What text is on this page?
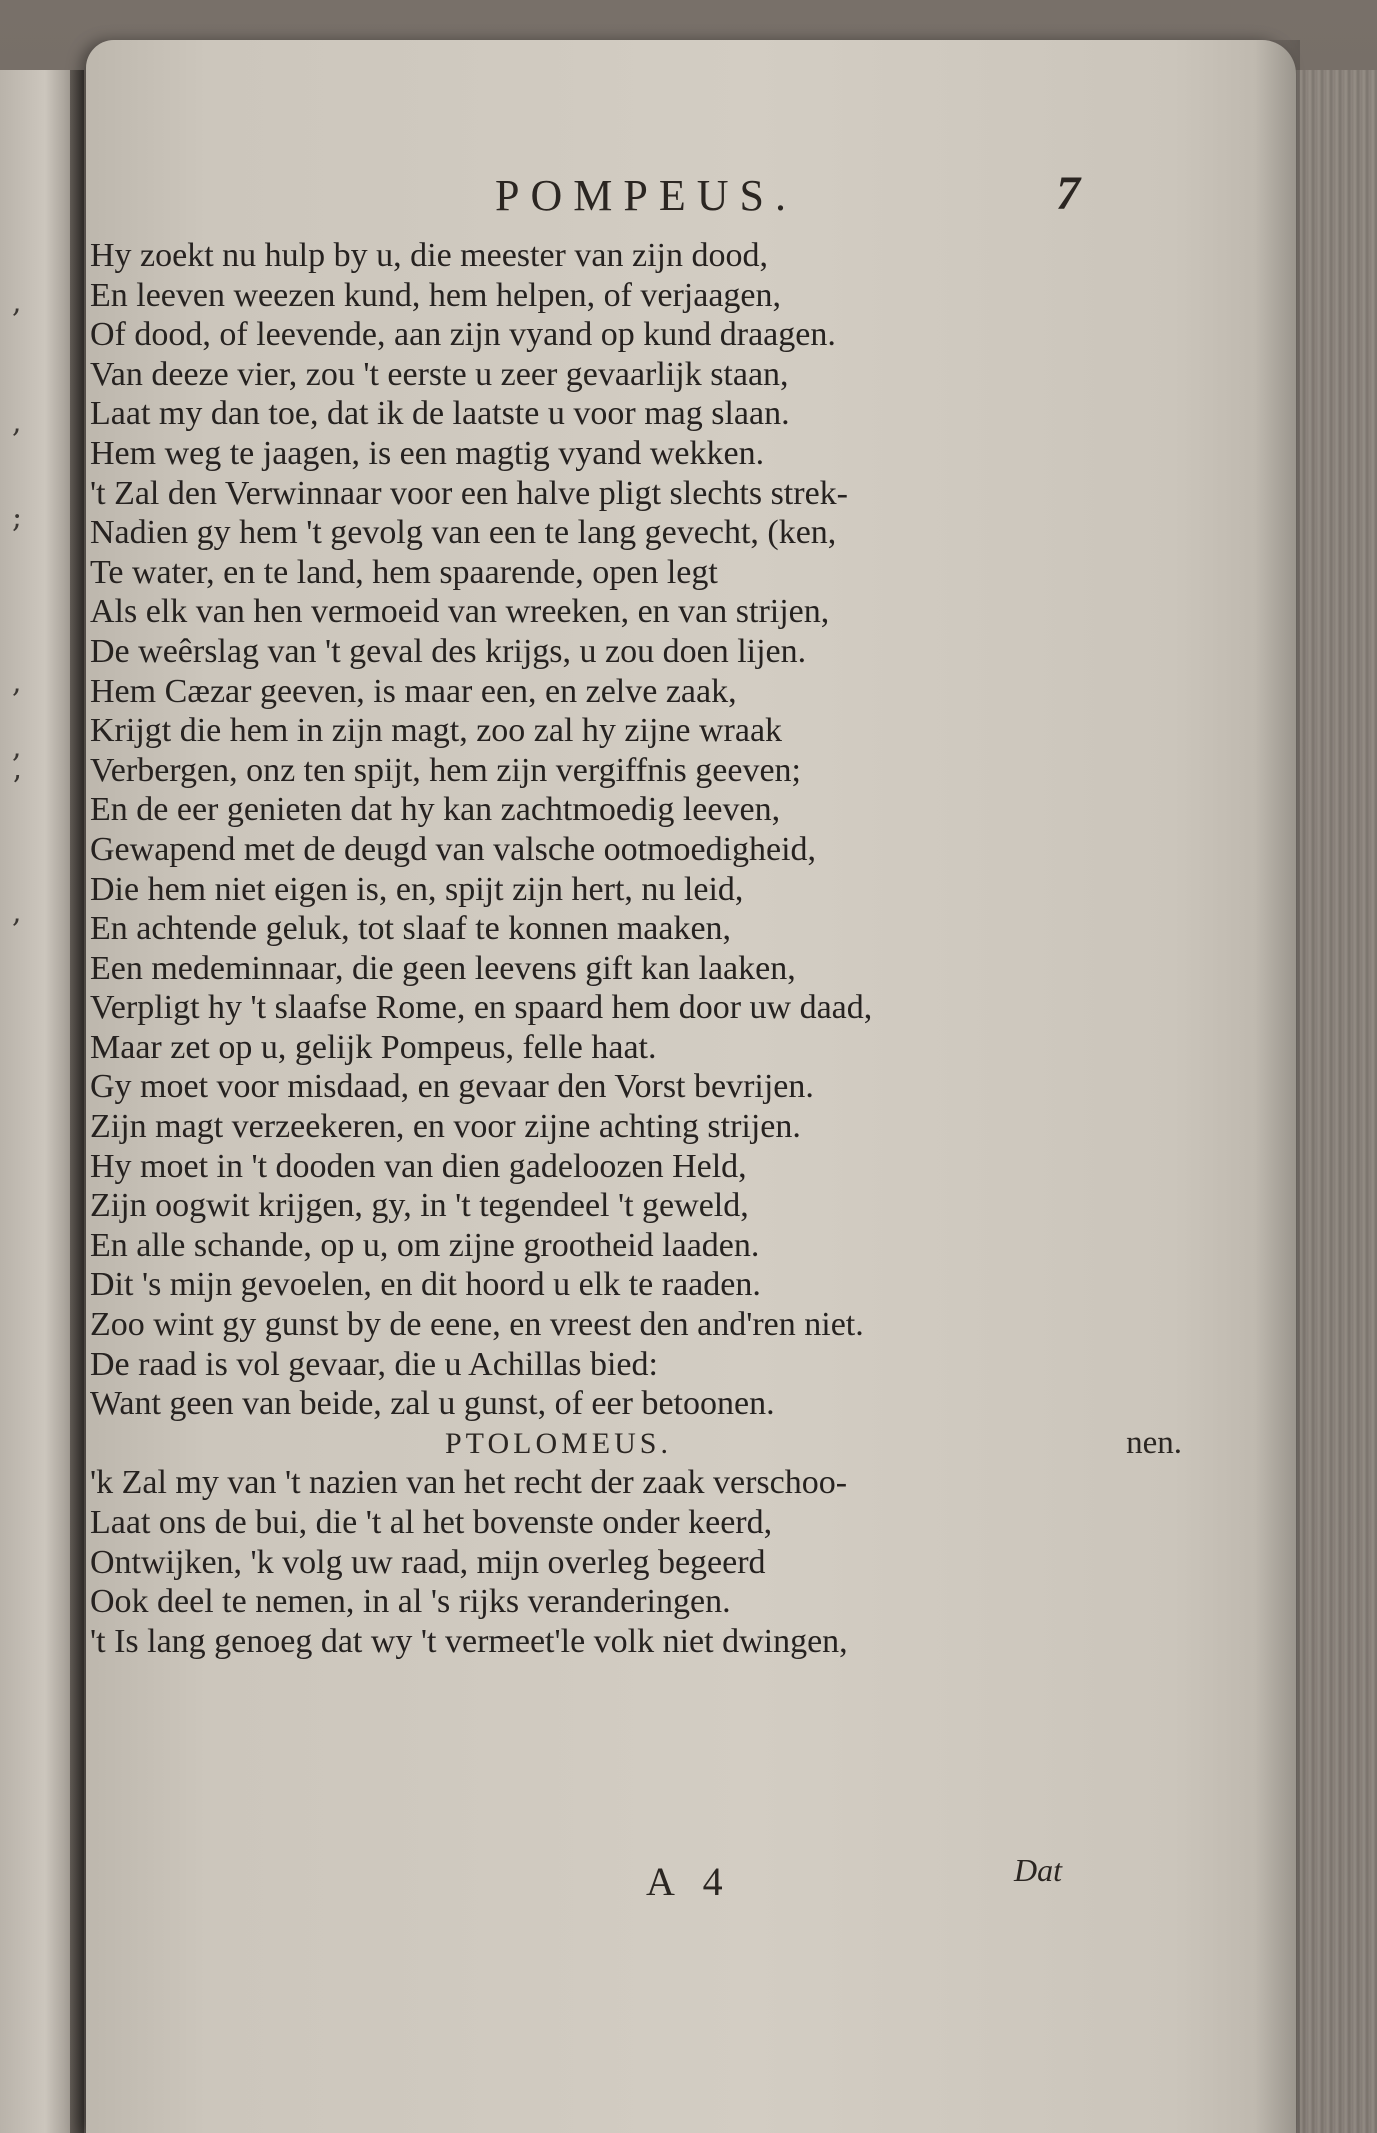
,
,
;
,
,
’
,
POMPEUS.	7
Hy zoekt nu hulp by u, die meester van zijn dood,
En leeven weezen kund, hem helpen, of verjaagen,
Of dood, of leevende, aan zijn vyand op kund draagen.
Van deeze vier, zou 't eerste u zeer gevaarlijk staan,
Laat my dan toe, dat ik de laatste u voor mag slaan.
Hem weg te jaagen, is een magtig vyand wekken.
't Zal den Verwinnaar voor een halve pligt slechts strek-
Nadien gy hem 't gevolg van een te lang gevecht, (ken,
Te water, en te land, hem spaarende, open legt
Als elk van hen vermoeid van wreeken, en van strijen,
De weêrslag van 't geval des krijgs, u zou doen lijen.
Hem Cæzar geeven, is maar een, en zelve zaak,
Krijgt die hem in zijn magt, zoo zal hy zijne wraak
Verbergen, onz ten spijt, hem zijn vergiffnis geeven;
En de eer genieten dat hy kan zachtmoedig leeven,
Gewapend met de deugd van valsche ootmoedigheid,
Die hem niet eigen is, en, spijt zijn hert, nu leid,
En achtende geluk, tot slaaf te konnen maaken,
Een medeminnaar, die geen leevens gift kan laaken,
Verpligt hy 't slaafse Rome, en spaard hem door uw daad,
Maar zet op u, gelijk Pompeus, felle haat.
Gy moet voor misdaad, en gevaar den Vorst bevrijen.
Zijn magt verzeekeren, en voor zijne achting strijen.
Hy moet in 't dooden van dien gadeloozen Held,
Zijn oogwit krijgen, gy, in 't tegendeel 't geweld,
En alle schande, op u, om zijne grootheid laaden.
Dit 's mijn gevoelen, en dit hoord u elk te raaden.
Zoo wint gy gunst by de eene, en vreest den and'ren niet.
De raad is vol gevaar, die u Achillas bied:
Want geen van beide, zal u gunst, of eer betoonen.
PTOLOMEUS.	nen.
'k Zal my van 't nazien van het recht der zaak verschoo-
Laat ons de bui, die 't al het bovenste onder keerd,
Ontwijken, 'k volg uw raad, mijn overleg begeerd
Ook deel te nemen, in al 's rijks veranderingen.
't Is lang genoeg dat wy 't vermeet'le volk niet dwingen,
A 4	Dat
